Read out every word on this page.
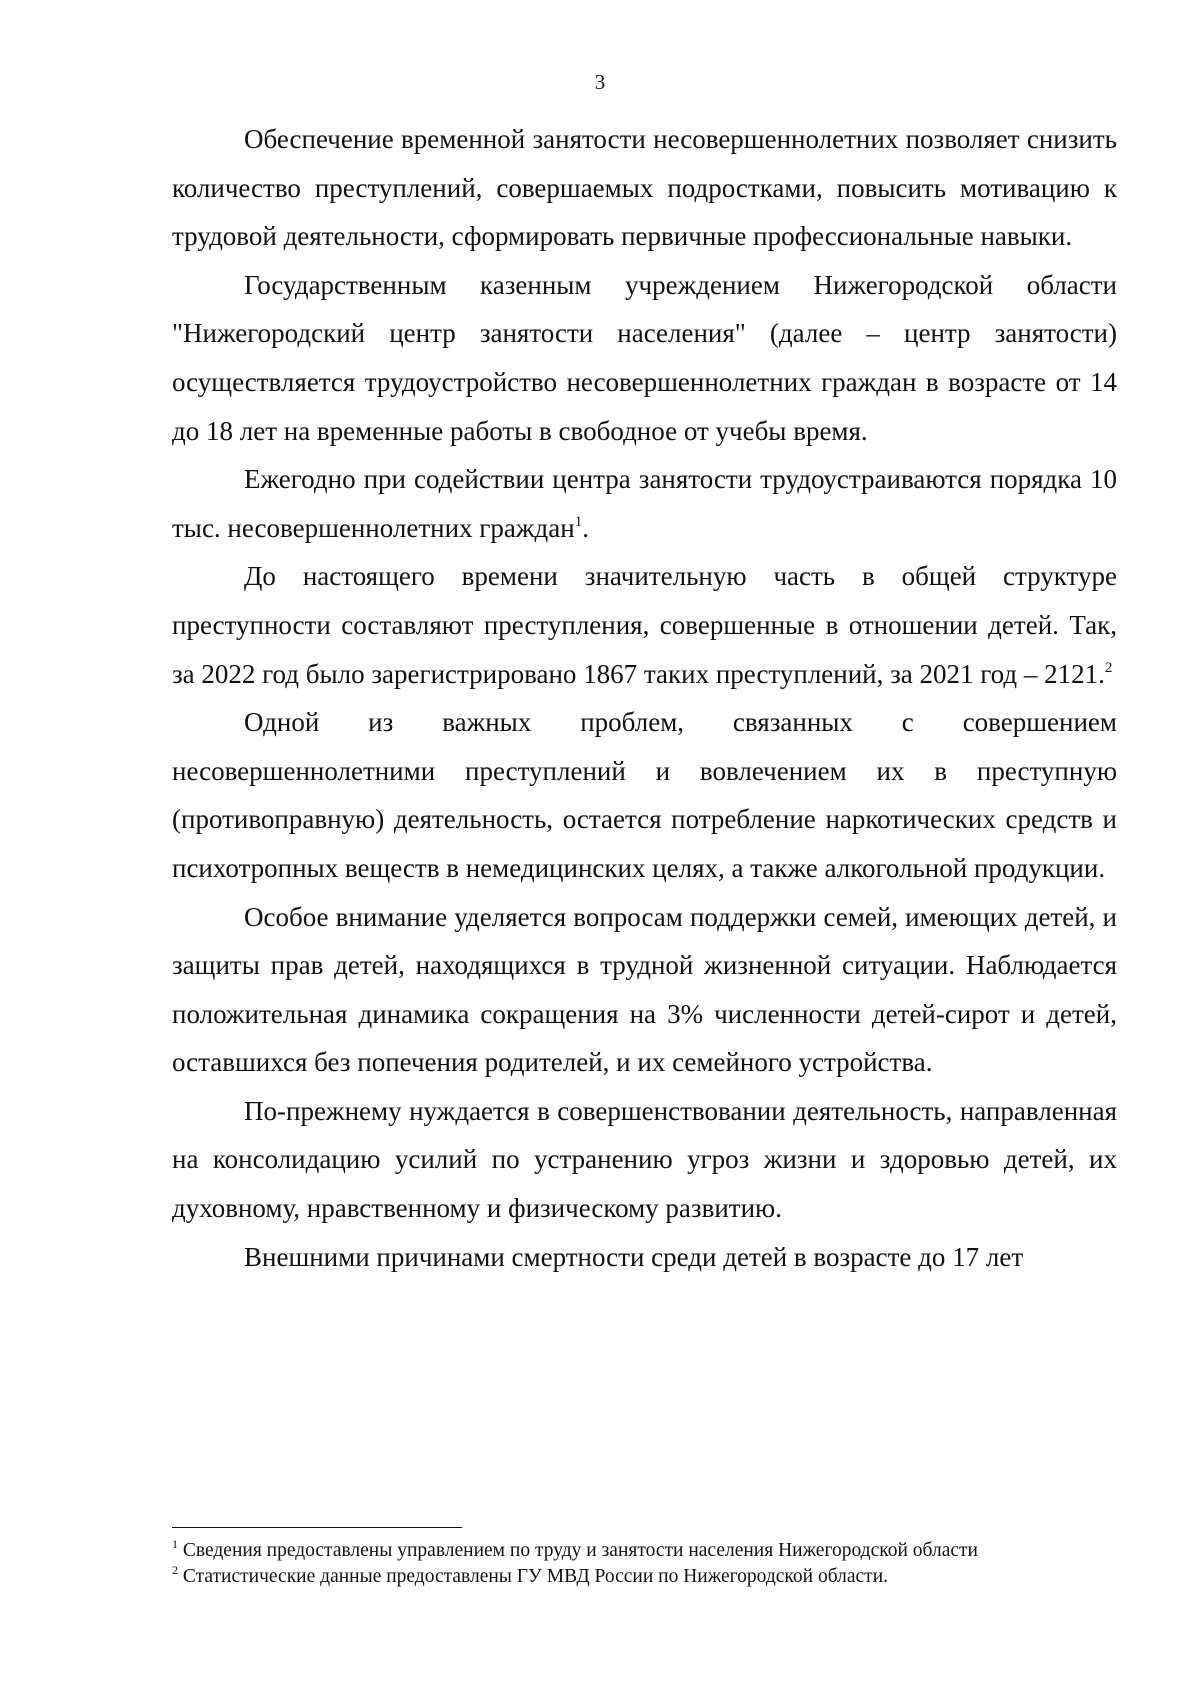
3

Обеспечение временной занятости несовершеннолетних позволяет снизить количество преступлений, совершаемых подростками, повысить мотивацию к трудовой деятельности, сформировать первичные профессиональные навыки.

Государственным казенным учреждением Нижегородской области "Нижегородский центр занятости населения" (далее – центр занятости) осуществляется трудоустройство несовершеннолетних граждан в возрасте от 14 до 18 лет на временные работы в свободное от учебы время.

Ежегодно при содействии центра занятости трудоустраиваются порядка 10 тыс. несовершеннолетних граждан$^1$.

До настоящего времени значительную часть в общей структуре преступности составляют преступления, совершенные в отношении детей. Так, за 2022 год было зарегистрировано 1867 таких преступлений, за 2021 год – 2121.$^2$

Одной из важных проблем, связанных с совершением несовершеннолетними преступлений и вовлечением их в преступную (противоправную) деятельность, остается потребление наркотических средств и психотропных веществ в немедицинских целях, а также алкогольной продукции.

Особое внимание уделяется вопросам поддержки семей, имеющих детей, и защиты прав детей, находящихся в трудной жизненной ситуации. Наблюдается положительная динамика сокращения на 3% численности детей-сирот и детей, оставшихся без попечения родителей, и их семейного устройства.

По-прежнему нуждается в совершенствовании деятельность, направленная на консолидацию усилий по устранению угроз жизни и здоровью детей, их духовному, нравственному и физическому развитию.

Внешними причинами смертности среди детей в возрасте до 17 лет

$^1$ Сведения предоставлены управлением по труду и занятости населения Нижегородской области
$^2$ Статистические данные предоставлены ГУ МВД России по Нижегородской области.
